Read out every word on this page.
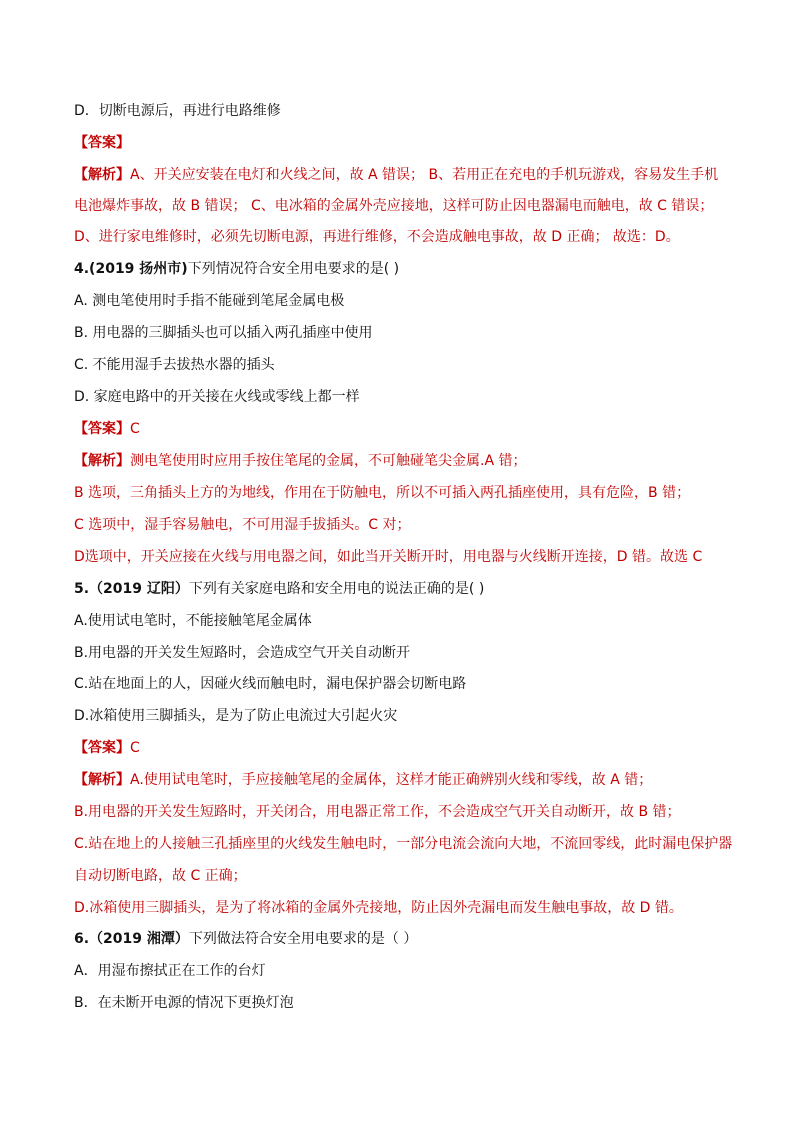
D．切断电源后，再进行电路维修
【答案】
【解析】A、开关应安装在电灯和火线之间，故 A 错误； B、若用正在充电的手机玩游戏，容易发生手机
电池爆炸事故，故 B 错误； C、电冰箱的金属外壳应接地，这样可防止因电器漏电而触电，故 C 错误；
D、进行家电维修时，必须先切断电源，再进行维修，不会造成触电事故，故 D 正确； 故选：D。
4.(2019 扬州市)下列情况符合安全用电要求的是( )
A. 测电笔使用时手指不能碰到笔尾金属电极
B. 用电器的三脚插头也可以插入两孔插座中使用
C. 不能用湿手去拔热水器的插头
D. 家庭电路中的开关接在火线或零线上都一样
【答案】C
【解析】测电笔使用时应用手按住笔尾的金属，不可触碰笔尖金属.A 错；
B 选项，三角插头上方的为地线，作用在于防触电，所以不可插入两孔插座使用，具有危险，B 错；
C 选项中，湿手容易触电，不可用湿手拔插头。C 对；
D选项中，开关应接在火线与用电器之间，如此当开关断开时，用电器与火线断开连接，D 错。故选 C
5.（2019 辽阳）下列有关家庭电路和安全用电的说法正确的是( )
A.使用试电笔时，不能接触笔尾金属体
B.用电器的开关发生短路时，会造成空气开关自动断开
C.站在地面上的人，因碰火线而触电时，漏电保护器会切断电路
D.冰箱使用三脚插头，是为了防止电流过大引起火灾
【答案】C
【解析】A.使用试电笔时，手应接触笔尾的金属体，这样才能正确辨别火线和零线，故 A 错；
B.用电器的开关发生短路时，开关闭合，用电器正常工作，不会造成空气开关自动断开，故 B 错；
C.站在地上的人接触三孔插座里的火线发生触电时，一部分电流会流向大地，不流回零线，此时漏电保护器
自动切断电路，故 C 正确；
D.冰箱使用三脚插头，是为了将冰箱的金属外壳接地，防止因外壳漏电而发生触电事故，故 D 错。
6.（2019 湘潭）下列做法符合安全用电要求的是（ ）
A．用湿布擦拭正在工作的台灯
B．在未断开电源的情况下更换灯泡
